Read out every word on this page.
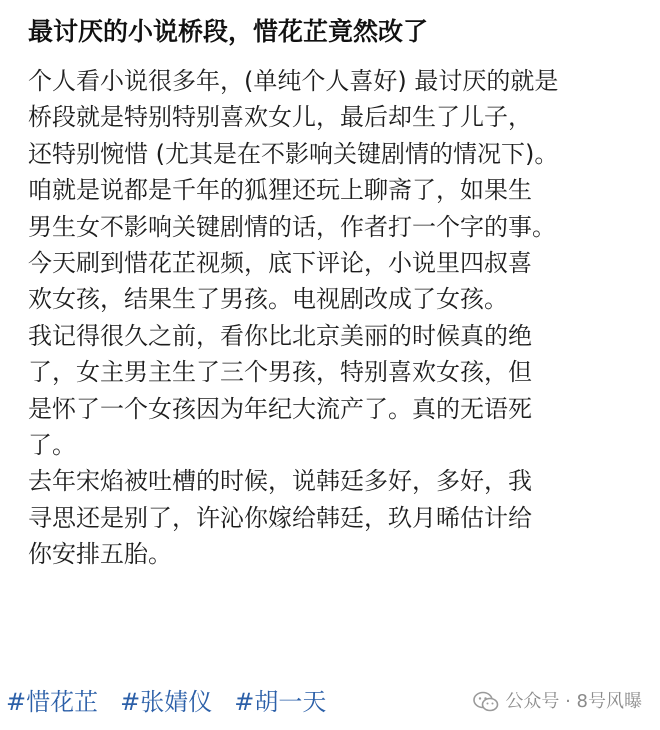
最讨厌的小说桥段，惜花芷竟然改了
个人看小说很多年，(单纯个人喜好) 最讨厌的就是
桥段就是特别特别喜欢女儿，最后却生了儿子，
还特别惋惜 (尤其是在不影响关键剧情的情况下)。
咱就是说都是千年的狐狸还玩上聊斋了，如果生
男生女不影响关键剧情的话，作者打一个字的事。
今天刷到惜花芷视频，底下评论，小说里四叔喜
欢女孩，结果生了男孩。电视剧改成了女孩。
我记得很久之前，看你比北京美丽的时候真的绝
了，女主男主生了三个男孩，特别喜欢女孩，但
是怀了一个女孩因为年纪大流产了。真的无语死
了。
去年宋焰被吐槽的时候，说韩廷多好，多好，我
寻思还是别了，许沁你嫁给韩廷，玖月晞估计给
你安排五胎。
#惜花芷 #张婧仪 #胡一天	公众号 · 8号风曝
